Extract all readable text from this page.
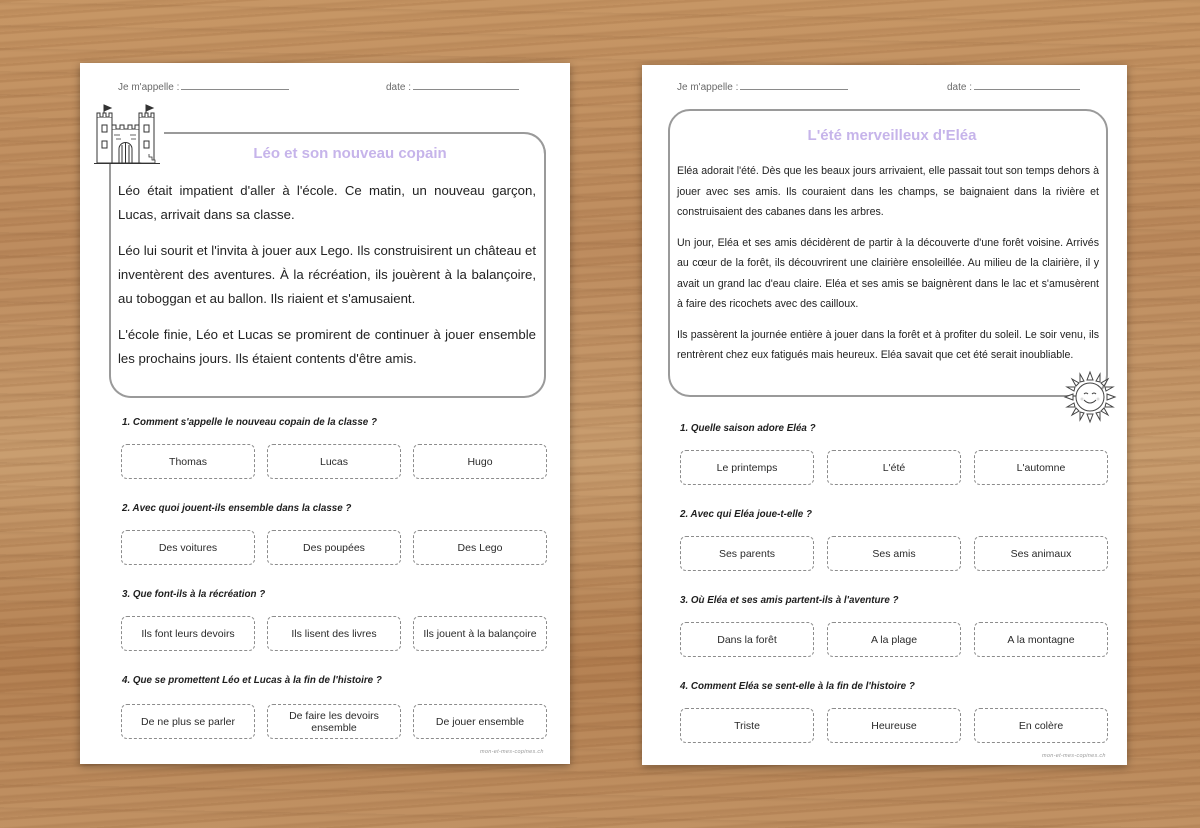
Je m'appelle :	date :
Léo et son nouveau copain

Léo était impatient d'aller à l'école. Ce matin, un nouveau garçon, Lucas, arrivait dans sa classe.

Léo lui sourit et l'invita à jouer aux Lego. Ils construisirent un château et inventèrent des aventures. À la récréation, ils jouèrent à la balançoire, au toboggan et au ballon. Ils riaient et s'amusaient.

L'école finie, Léo et Lucas se promirent de continuer à jouer ensemble les prochains jours. Ils étaient contents d'être amis.

1. Comment s'appelle le nouveau copain de la classe ?
Thomas	Lucas	Hugo
2. Avec quoi jouent-ils ensemble dans la classe ?
Des voitures	Des poupées	Des Lego
3. Que font-ils à la récréation ?
Ils font leurs devoirs	Ils lisent des livres	Ils jouent à la balançoire
4. Que se promettent Léo et Lucas à la fin de l'histoire ?
De ne plus se parler	De faire les devoirs ensemble	De jouer ensemble
mon-et-mes-copines.ch
Je m'appelle :	date :
L'été merveilleux d'Eléa

Eléa adorait l'été. Dès que les beaux jours arrivaient, elle passait tout son temps dehors à jouer avec ses amis. Ils couraient dans les champs, se baignaient dans la rivière et construisaient des cabanes dans les arbres.

Un jour, Eléa et ses amis décidèrent de partir à la découverte d'une forêt voisine. Arrivés au cœur de la forêt, ils découvrirent une clairière ensoleillée. Au milieu de la clairière, il y avait un grand lac d'eau claire. Eléa et ses amis se baignèrent dans le lac et s'amusèrent à faire des ricochets avec des cailloux.

Ils passèrent la journée entière à jouer dans la forêt et à profiter du soleil. Le soir venu, ils rentrèrent chez eux fatigués mais heureux. Eléa savait que cet été serait inoubliable.

1. Quelle saison adore Eléa ?
Le printemps	L'été	L'automne
2. Avec qui Eléa joue-t-elle ?
Ses parents	Ses amis	Ses animaux
3. Où Eléa et ses amis partent-ils à l'aventure ?
Dans la forêt	A la plage	A la montagne
4. Comment Eléa se sent-elle à la fin de l'histoire ?
Triste	Heureuse	En colère
mon-et-mes-copines.ch
